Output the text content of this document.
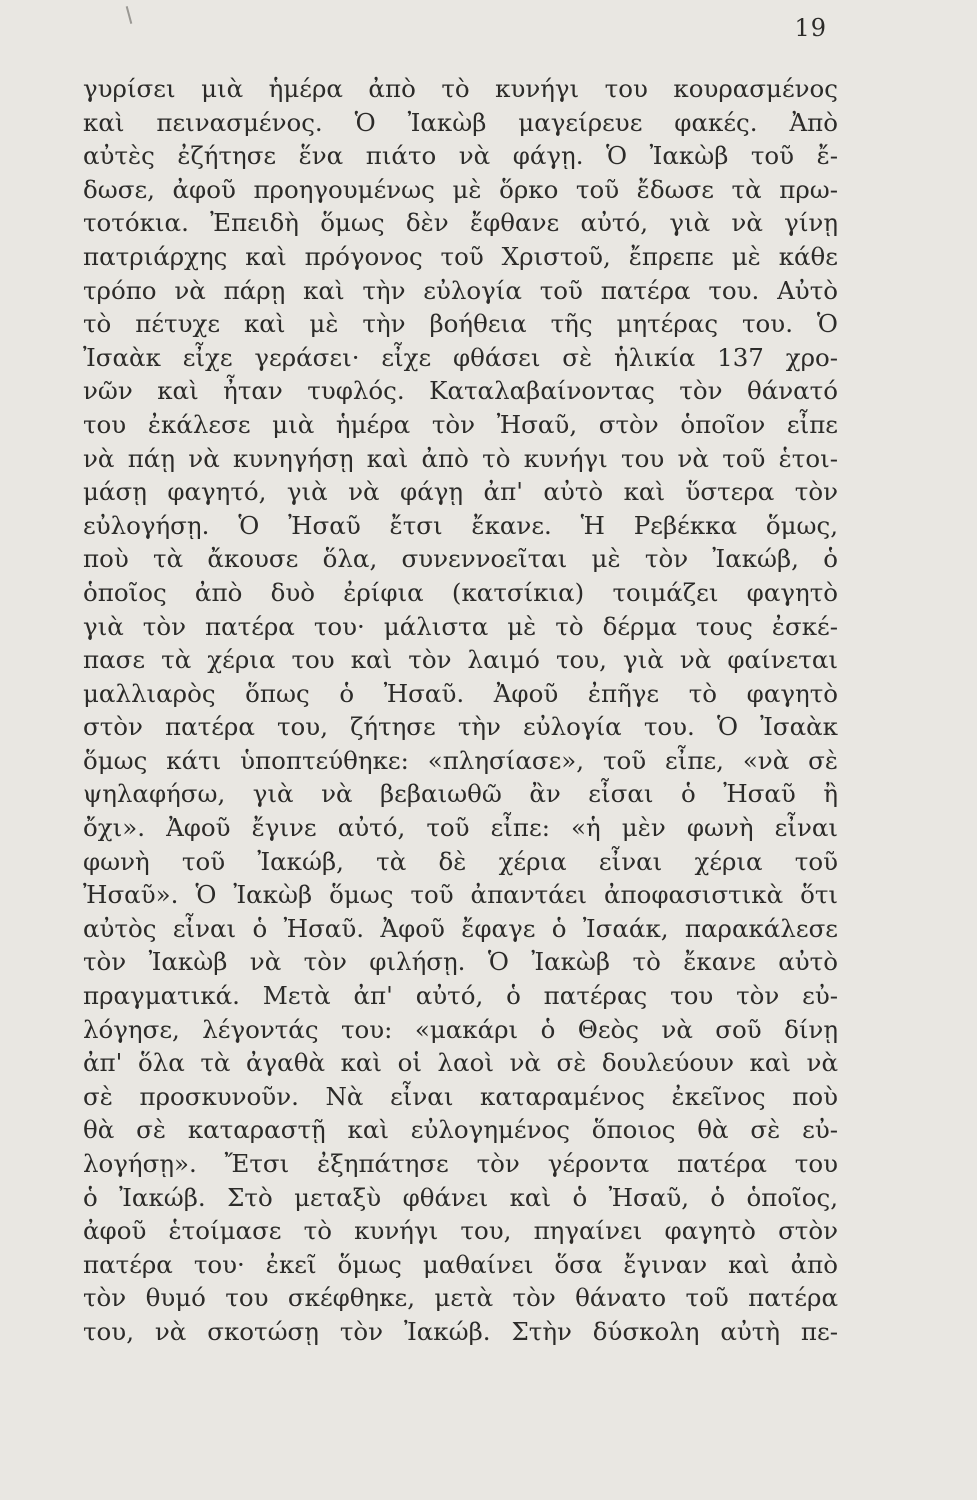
19
γυρίσει μιὰ ἡμέρα ἀπὸ τὸ κυνήγι του κουρασμένος
καὶ πεινασμένος. Ὁ Ἰακὼβ μαγείρευε φακές. Ἀπὸ
αὐτὲς ἐζήτησε ἕνα πιάτο νὰ φάγῃ. Ὁ Ἰακὼβ τοῦ ἔ-
δωσε, ἀφοῦ προηγουμένως μὲ ὅρκο τοῦ ἔδωσε τὰ πρω-
τοτόκια. Ἐπειδὴ ὅμως δὲν ἔφθανε αὐτό, γιὰ νὰ γίνῃ
πατριάρχης καὶ πρόγονος τοῦ Χριστοῦ, ἔπρεπε μὲ κάθε
τρόπο νὰ πάρῃ καὶ τὴν εὐλογία τοῦ πατέρα του. Αὐτὸ
τὸ πέτυχε καὶ μὲ τὴν βοήθεια τῆς μητέρας του. Ὁ
Ἰσαὰκ εἶχε γεράσει· εἶχε φθάσει σὲ ἡλικία 137 χρο-
νῶν καὶ ἦταν τυφλός. Καταλαβαίνοντας τὸν θάνατό
του ἐκάλεσε μιὰ ἡμέρα τὸν Ἠσαῦ, στὸν ὁποῖον εἶπε
νὰ πάῃ νὰ κυνηγήσῃ καὶ ἀπὸ τὸ κυνήγι του νὰ τοῦ ἑτοι-
μάσῃ φαγητό, γιὰ νὰ φάγῃ ἀπ' αὐτὸ καὶ ὕστερα τὸν
εὐλογήσῃ. Ὁ Ἠσαῦ ἔτσι ἔκανε. Ἡ Ρεβέκκα ὅμως,
ποὺ τὰ ἄκουσε ὅλα, συνεννοεῖται μὲ τὸν Ἰακώβ, ὁ
ὁποῖος ἀπὸ δυὸ ἐρίφια (κατσίκια) τοιμάζει φαγητὸ
γιὰ τὸν πατέρα του· μάλιστα μὲ τὸ δέρμα τους ἐσκέ-
πασε τὰ χέρια του καὶ τὸν λαιμό του, γιὰ νὰ φαίνεται
μαλλιαρὸς ὅπως ὁ Ἠσαῦ. Ἀφοῦ ἐπῆγε τὸ φαγητὸ
στὸν πατέρα του, ζήτησε τὴν εὐλογία του. Ὁ Ἰσαὰκ
ὅμως κάτι ὑποπτεύθηκε: «πλησίασε», τοῦ εἶπε, «νὰ σὲ
ψηλαφήσω, γιὰ νὰ βεβαιωθῶ ἂν εἶσαι ὁ Ἠσαῦ ἢ
ὄχι». Ἀφοῦ ἔγινε αὐτό, τοῦ εἶπε: «ἡ μὲν φωνὴ εἶναι
φωνὴ τοῦ Ἰακώβ, τὰ δὲ χέρια εἶναι χέρια τοῦ
Ἠσαῦ». Ὁ Ἰακὼβ ὅμως τοῦ ἀπαντάει ἀποφασιστικὰ ὅτι
αὐτὸς εἶναι ὁ Ἠσαῦ. Ἀφοῦ ἔφαγε ὁ Ἰσαάκ, παρακάλεσε
τὸν Ἰακὼβ νὰ τὸν φιλήσῃ. Ὁ Ἰακὼβ τὸ ἔκανε αὐτὸ
πραγματικά. Μετὰ ἀπ' αὐτό, ὁ πατέρας του τὸν εὐ-
λόγησε, λέγοντάς του: «μακάρι ὁ Θεὸς νὰ σοῦ δίνῃ
ἀπ' ὅλα τὰ ἀγαθὰ καὶ οἱ λαοὶ νὰ σὲ δουλεύουν καὶ νὰ
σὲ προσκυνοῦν. Νὰ εἶναι καταραμένος ἐκεῖνος ποὺ
θὰ σὲ καταραστῇ καὶ εὐλογημένος ὅποιος θὰ σὲ εὐ-
λογήσῃ». Ἔτσι ἐξηπάτησε τὸν γέροντα πατέρα του
ὁ Ἰακώβ. Στὸ μεταξὺ φθάνει καὶ ὁ Ἠσαῦ, ὁ ὁποῖος,
ἀφοῦ ἑτοίμασε τὸ κυνήγι του, πηγαίνει φαγητὸ στὸν
πατέρα του· ἐκεῖ ὅμως μαθαίνει ὅσα ἔγιναν καὶ ἀπὸ
τὸν θυμό του σκέφθηκε, μετὰ τὸν θάνατο τοῦ πατέρα
του, νὰ σκοτώσῃ τὸν Ἰακώβ. Στὴν δύσκολη αὐτὴ πε-
